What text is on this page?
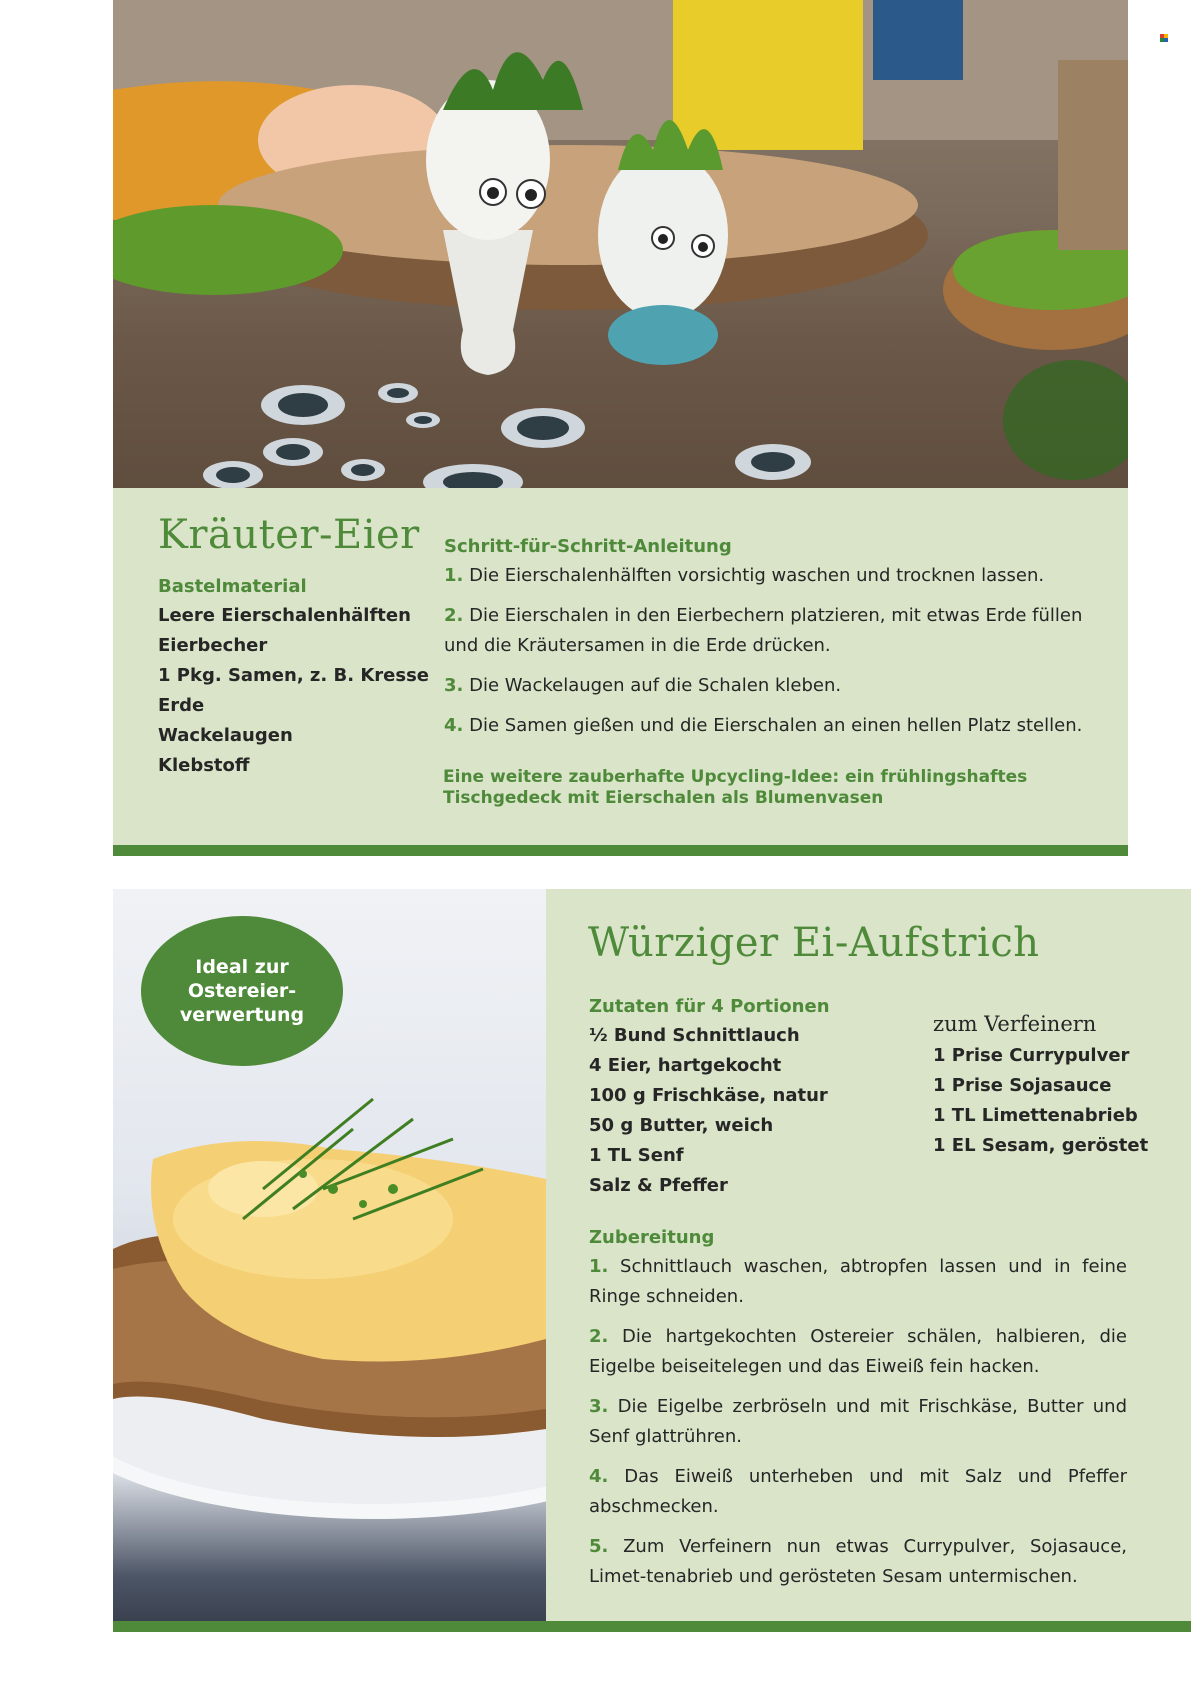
Kräuter-Eier
Bastelmaterial
Leere Eierschalenhälften
Eierbecher
1 Pkg. Samen, z. B. Kresse
Erde
Wackelaugen
Klebstoff
Schritt-für-Schritt-Anleitung
1. Die Eierschalenhälften vorsichtig waschen und trocknen lassen.
2. Die Eierschalen in den Eierbechern platzieren, mit etwas Erde füllen und die Kräutersamen in die Erde drücken.
3. Die Wackelaugen auf die Schalen kleben.
4. Die Samen gießen und die Eierschalen an einen hellen Platz stellen.
Eine weitere zauberhafte Upcycling-Idee: ein frühlingshaftes
Tischgedeck mit Eierschalen als Blumenvasen
Ideal zur
Ostereier-
verwertung
Würziger Ei-Aufstrich
Zutaten für 4 Portionen
½ Bund Schnittlauch
4 Eier, hartgekocht
100 g Frischkäse, natur
50 g Butter, weich
1 TL Senf
Salz & Pfeffer
zum Verfeinern
1 Prise Currypulver
1 Prise Sojasauce
1 TL Limettenabrieb
1 EL Sesam, geröstet
Zubereitung
1. Schnittlauch waschen, abtropfen lassen und in feine Ringe schneiden.
2. Die hartgekochten Ostereier schälen, halbieren, die Eigelbe beiseitelegen und das Eiweiß fein hacken.
3. Die Eigelbe zerbröseln und mit Frischkäse, Butter und Senf glattrühren.
4. Das Eiweiß unterheben und mit Salz und Pfeffer abschmecken.
5. Zum Verfeinern nun etwas Currypulver, Sojasauce, Limet-tenabrieb und gerösteten Sesam untermischen.
